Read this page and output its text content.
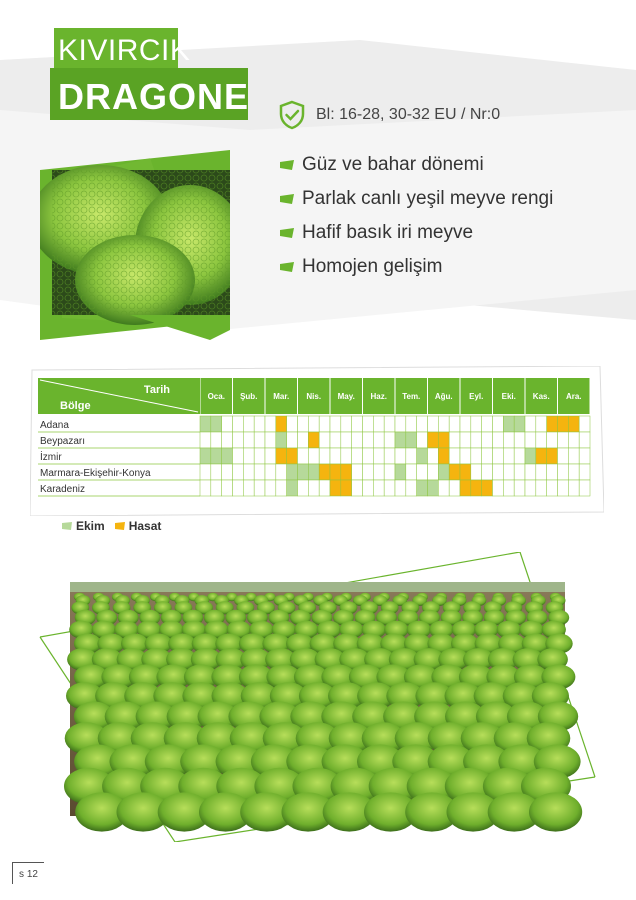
KIVIRCIK
DRAGONE	Bl: 16-28, 30-32 EU / Nr:0
Güz ve bahar dönemi
Parlak canlı yeşil meyve rengi
Hafif basık iri meyve
Homojen gelişim
Tarih
Bölge
Oca. Şub. Mar. Nis. May. Haz. Tem. Ağu. Eyl. Eki. Kas. Ara.
Adana
Beypazarı
İzmir
Marmara-Ekişehir-Konya
Karadeniz
Ekim Hasat
s 12
